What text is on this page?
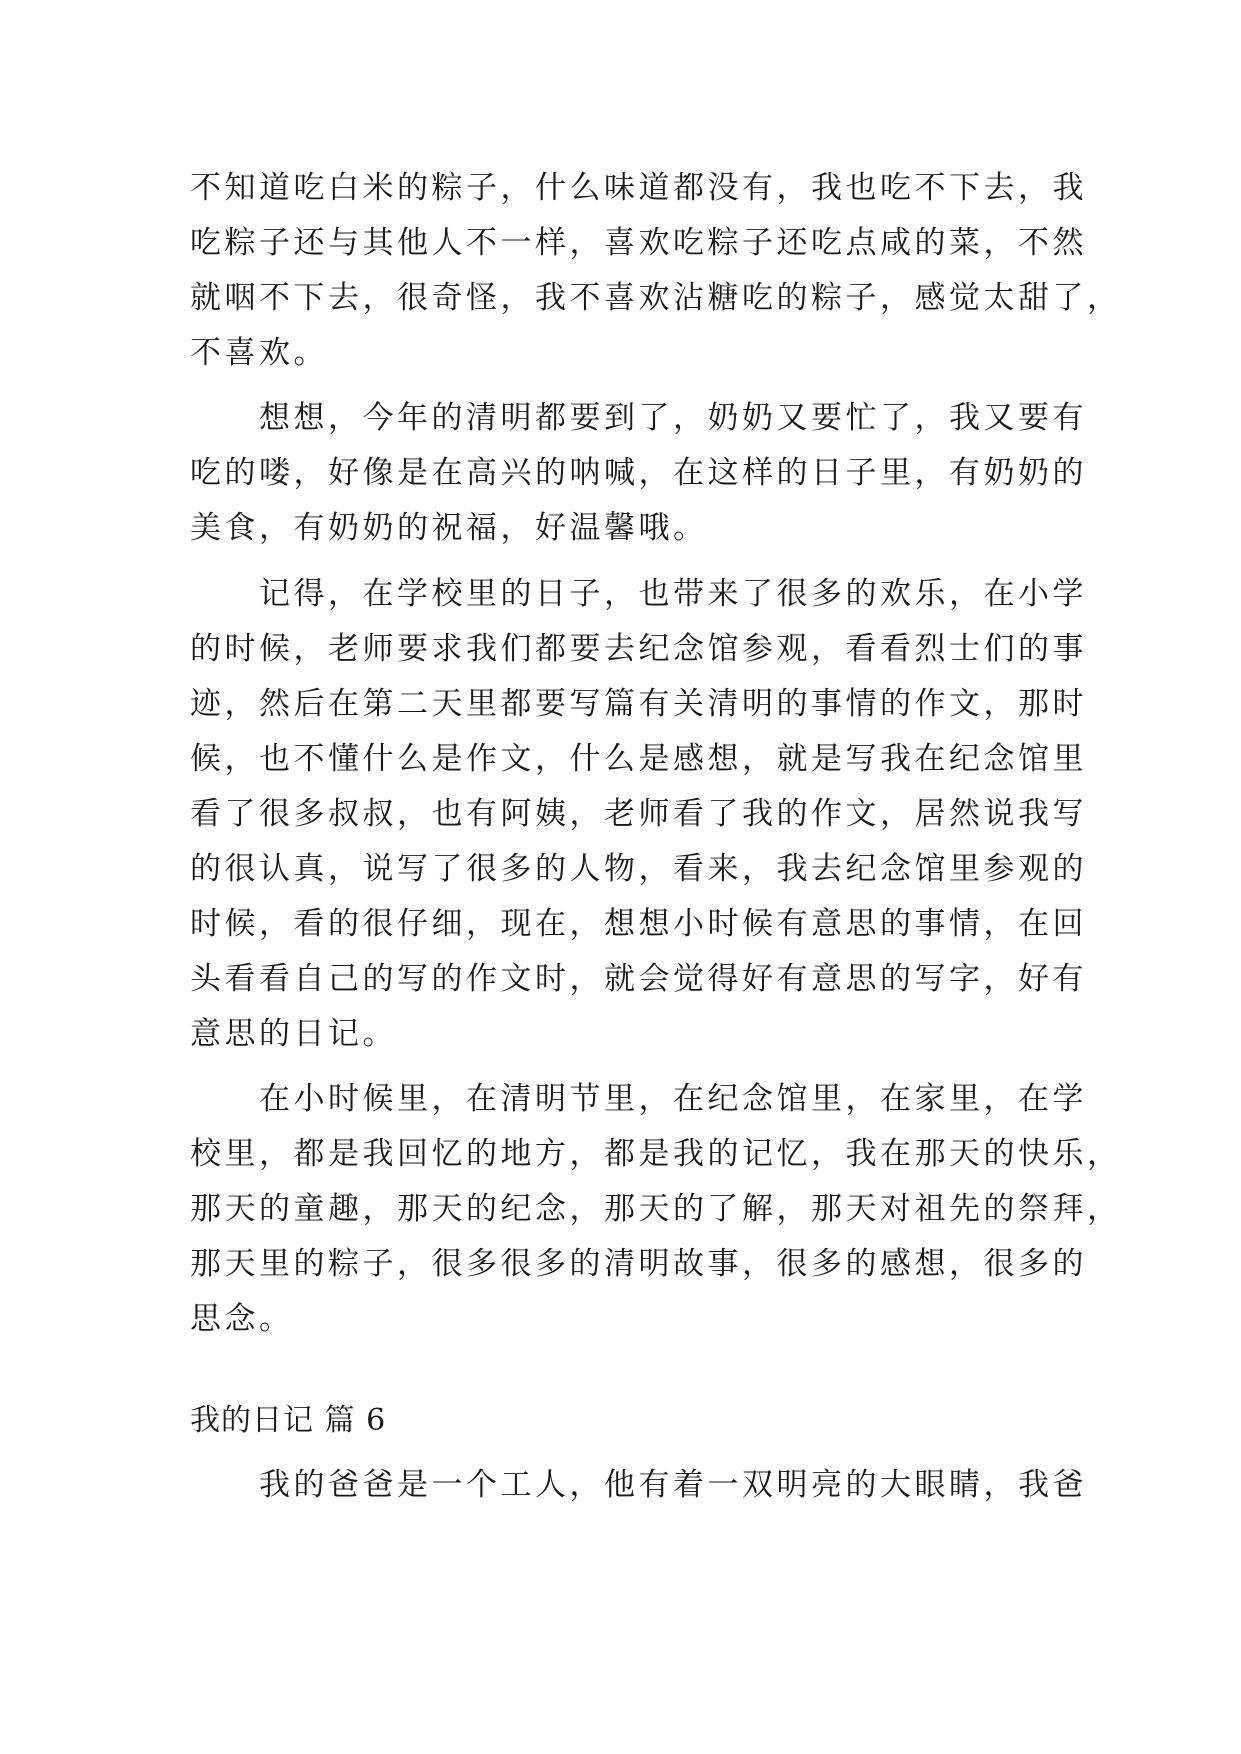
不知道吃白米的粽子，什么味道都没有，我也吃不下去，我
吃粽子还与其他人不一样，喜欢吃粽子还吃点咸的菜，不然
就咽不下去，很奇怪，我不喜欢沾糖吃的粽子，感觉太甜了，
不喜欢。
　　想想，今年的清明都要到了，奶奶又要忙了，我又要有
吃的喽，好像是在高兴的呐喊，在这样的日子里，有奶奶的
美食，有奶奶的祝福，好温馨哦。
　　记得，在学校里的日子，也带来了很多的欢乐，在小学
的时候，老师要求我们都要去纪念馆参观，看看烈士们的事
迹，然后在第二天里都要写篇有关清明的事情的作文，那时
候，也不懂什么是作文，什么是感想，就是写我在纪念馆里
看了很多叔叔，也有阿姨，老师看了我的作文，居然说我写
的很认真，说写了很多的人物，看来，我去纪念馆里参观的
时候，看的很仔细，现在，想想小时候有意思的事情，在回
头看看自己的写的作文时，就会觉得好有意思的写字，好有
意思的日记。
　　在小时候里，在清明节里，在纪念馆里，在家里，在学
校里，都是我回忆的地方，都是我的记忆，我在那天的快乐，
那天的童趣，那天的纪念，那天的了解，那天对祖先的祭拜，
那天里的粽子，很多很多的清明故事，很多的感想，很多的
思念。
我的日记 篇 6
　　我的爸爸是一个工人，他有着一双明亮的大眼睛，我爸
